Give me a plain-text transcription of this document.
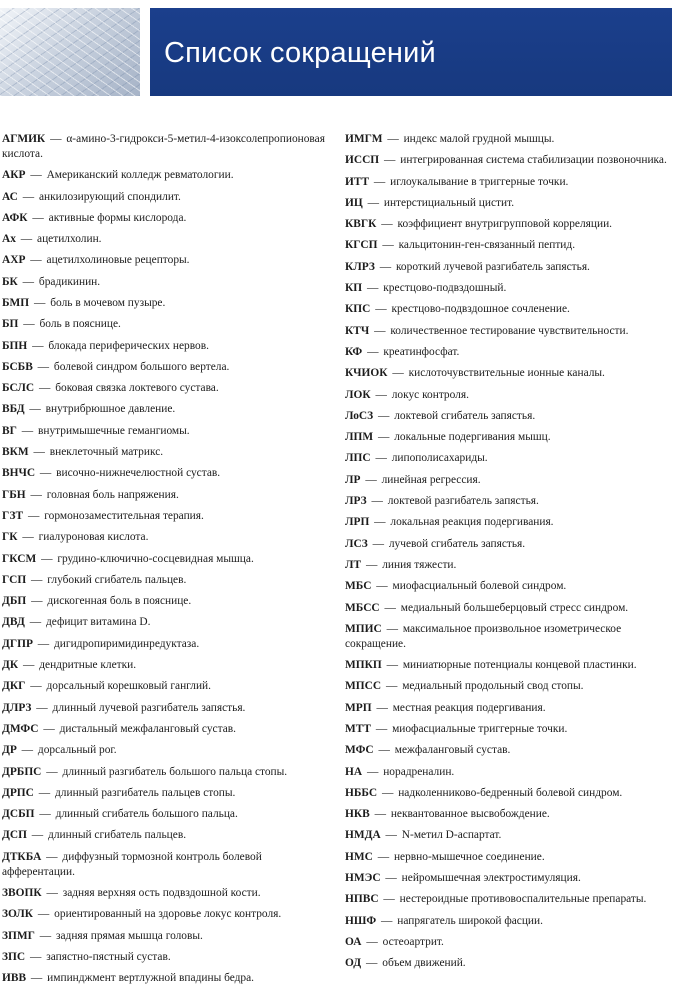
Список сокращений

АГМИК — α-амино-3-гидрокси-5-метил-4-изоксолепропионовая кислота.

АКР — Американский колледж ревматологии.

АС — анкилозирующий спондилит.

АФК — активные формы кислорода.

Ах — ацетилхолин.

АХР — ацетилхолиновые рецепторы.

БК — брадикинин.

БМП — боль в мочевом пузыре.

БП — боль в пояснице.

БПН — блокада периферических нервов.

БСБВ — болевой синдром большого вертела.

БСЛС — боковая связка локтевого сустава.

ВБД — внутрибрюшное давление.

ВГ — внутримышечные гемангиомы.

ВКМ — внеклеточный матрикс.

ВНЧС — височно-нижнечелюстной сустав.

ГБН — головная боль напряжения.

ГЗТ — гормонозаместительная терапия.

ГК — гиалуроновая кислота.

ГКСМ — грудино-ключично-сосцевидная мышца.

ГСП — глубокий сгибатель пальцев.

ДБП — дискогенная боль в пояснице.

ДВД — дефицит витамина D.

ДГПР — дигидропиримидинредуктаза.

ДК — дендритные клетки.

ДКГ — дорсальный корешковый ганглий.

ДЛРЗ — длинный лучевой разгибатель запястья.

ДМФС — дистальный межфаланговый сустав.

ДР — дорсальный рог.

ДРБПС — длинный разгибатель большого пальца стопы.

ДРПС — длинный разгибатель пальцев стопы.

ДСБП — длинный сгибатель большого пальца.

ДСП — длинный сгибатель пальцев.

ДТКБА — диффузный тормозной контроль болевой афферентации.

ЗВОПК — задняя верхняя ость подвздошной кости.

ЗОЛК — ориентированный на здоровье локус контроля.

ЗПМГ — задняя прямая мышца головы.

ЗПС — запястно-пястный сустав.

ИВВ — импинджмент вертлужной впадины бедра.

ИМГМ — индекс малой грудной мышцы.

ИССП — интегрированная система стабилизации позвоночника.

ИТТ — иглоукалывание в триггерные точки.

ИЦ — интерстициальный цистит.

КВГК — коэффициент внутригрупповой корреляции.

КГСП — кальцитонин-ген-связанный пептид.

КЛРЗ — короткий лучевой разгибатель запястья.

КП — крестцово-подвздошный.

КПС — крестцово-подвздошное сочленение.

КТЧ — количественное тестирование чувствительности.

КФ — креатинфосфат.

КЧИОК — кислоточувствительные ионные каналы.

ЛОК — локус контроля.

ЛоСЗ — локтевой сгибатель запястья.

ЛПМ — локальные подергивания мышц.

ЛПС — липополисахариды.

ЛР — линейная регрессия.

ЛРЗ — локтевой разгибатель запястья.

ЛРП — локальная реакция подергивания.

ЛСЗ — лучевой сгибатель запястья.

ЛТ — линия тяжести.

МБС — миофасциальный болевой синдром.

МБСС — медиальный большеберцовый стресс синдром.

МПИС — максимальное произвольное изометрическое сокращение.

МПКП — миниатюрные потенциалы концевой пластинки.

МПСС — медиальный продольный свод стопы.

МРП — местная реакция подергивания.

МТТ — миофасциальные триггерные точки.

МФС — межфаланговый сустав.

НА — норадреналин.

НББС — надколенниково-бедренный болевой синдром.

НКВ — неквантованное высвобождение.

НМДА — N-метил D-аспартат.

НМС — нервно-мышечное соединение.

НМЭС — нейромышечная электростимуляция.

НПВС — нестероидные противовоспалительные препараты.

НШФ — напрягатель широкой фасции.

ОА — остеоартрит.

ОД — объем движений.
